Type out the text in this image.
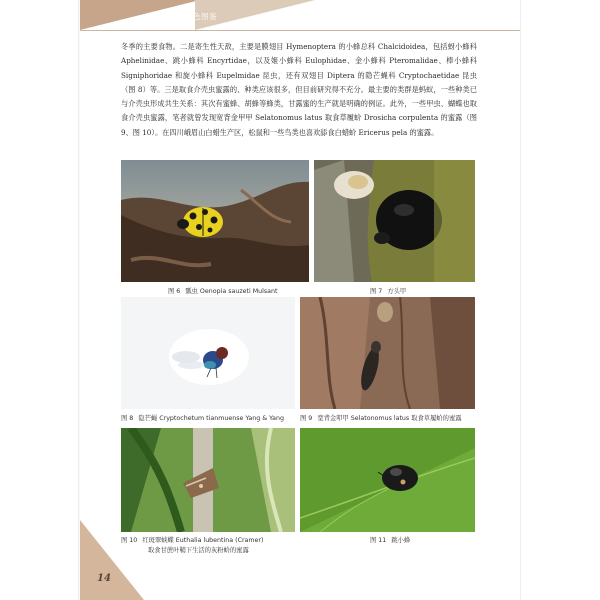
中国介壳虫原色图鉴

冬季的主要食物。二是寄生性天敌，主要是膜翅目 Hymenoptera 的小蜂总科 Chalcidoidea，包括蚜小蜂科 Aphelinidae、跳小蜂科 Encyrtidae，以及姬小蜂科 Eulophidae、金小蜂科 Pteromalidae、棒小蜂科 Signiphoridae 和旋小蜂科 Eupelmidae 昆虫，还有双翅目 Diptera 的隐芒蝇科 Cryptochaetidae 昆虫（图 8）等。三是取食介壳虫蜜露的、种类应该很多，但目前研究得不充分。最主要的类群是蚂蚁，一些种类已与介壳虫形成共生关系：其次有蜜蜂、胡蜂等蜂类，甘露蜜的生产就是明确的例证。此外，一些甲虫、蝴蝶也取食介壳虫蜜露，笔者就曾发现宽背金甲甲 Selatonomus latus 取食草履蚧 Drosicha corpulenta 的蜜露（图 9、图 10）。在四川峨眉山白蜡生产区，松鼠和一些鸟类也喜欢舔食白蜡蚧 Ericerus pela 的蜜露。

图 6 瓢虫 Oenopia sauzeti Mulsant	图 7 方头甲
图 8 隐芒蝇 Cryptochetum tianmuense Yang & Yang	图 9 宽背金叩甲 Selatonomus latus 取食草履蚧的蜜露
图 10 红斑翠蛱蝶 Euthalia lubentina (Cramer)
取食甘蔗叶鞘下生活的灰粉蚧的蜜露
图 11 跳小蜂
14
